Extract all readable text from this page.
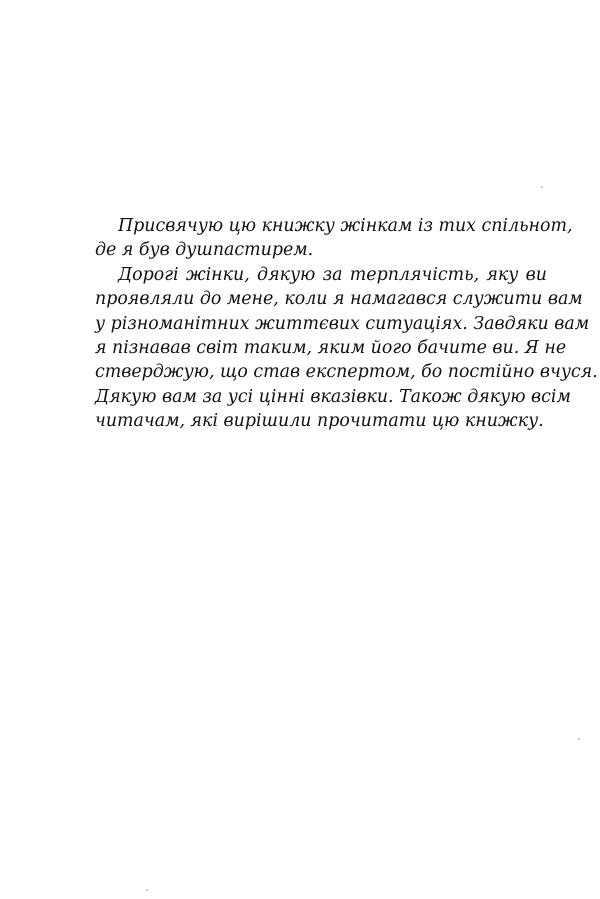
Присвячую цю книжку жінкам із тих спільнот,
де я був душпастирем.
Дорогі жінки, дякую за терплячість, яку ви
проявляли до мене, коли я намагався служити вам
у різноманітних життєвих ситуаціях. Завдяки вам
я пізнавав світ таким, яким його бачите ви. Я не
стверджую, що став експертом, бо постійно вчуся.
Дякую вам за усі цінні вказівки. Також дякую всім
читачам, які вирішили прочитати цю книжку.
